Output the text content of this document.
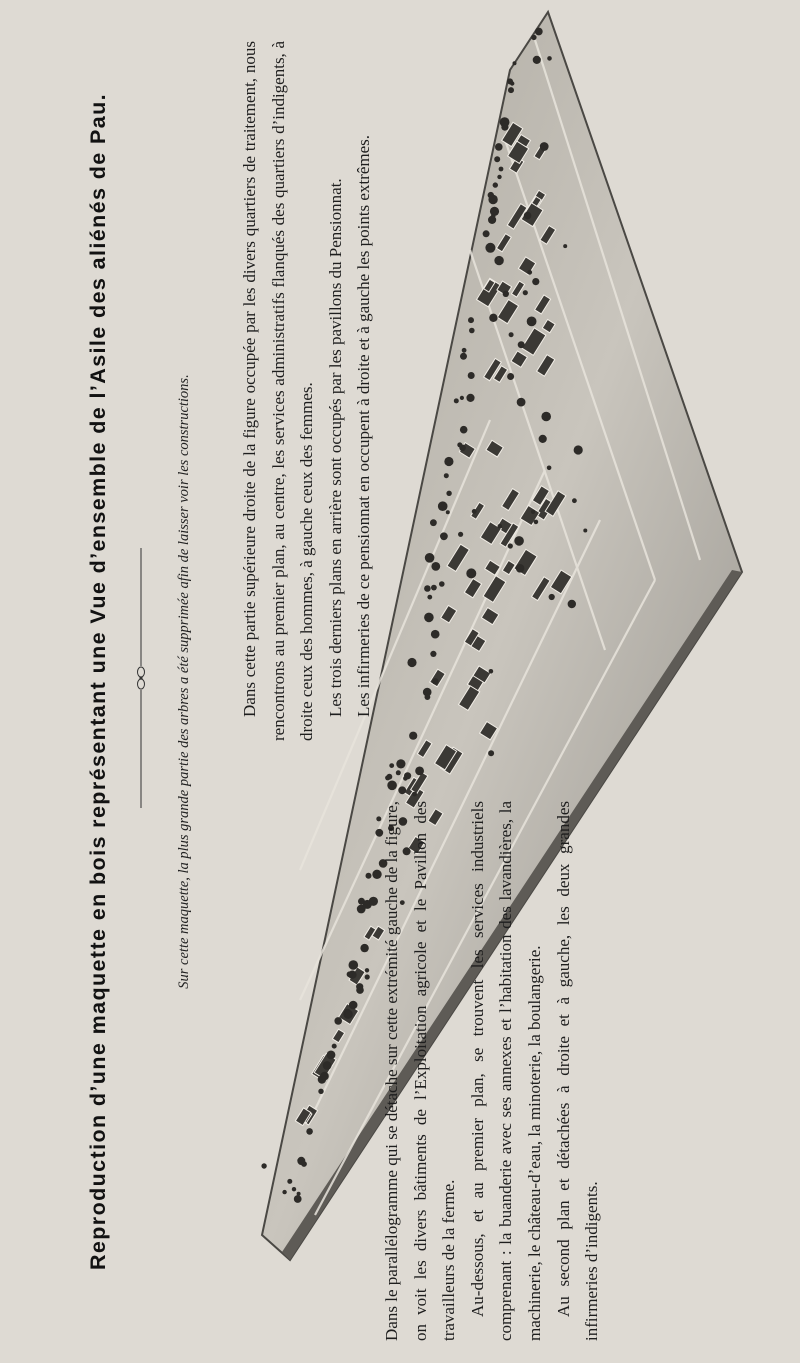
Reproduction d’une maquette en bois représentant une Vue d’ensemble de l’Asile des aliénés de Pau.	Sur cette maquette, la plus grande partie des arbres a été supprimée afin de laisser voir les constructions.	Dans cette partie supérieure droite de la figure occupée par les divers quartiers de traitement, nous rencontrons au premier plan, au centre, les services administratifs flanqués des quartiers d’indigents, à droite ceux des hommes, à gauche ceux des femmes. Les trois derniers plans en arrière sont occupés par les pavillons du Pensionnat. Les infirmeries de ce pensionnat en occupent à droite et à gauche les points extrêmes.

Dans le parallélogramme qui se détache sur cette extrémité gauche de la figure, on voit les divers bâtiments de l’Exploitation agricole et le Pavillon des travailleurs de la ferme. Au-dessous, et au premier plan, se trouvent les services industriels comprenant : la buanderie avec ses annexes et l’habitation des lavandières, la machinerie, le château-d’eau, la minoterie, la boulangerie. Au second plan et détachées à droite et à gauche, les deux grandes infirmeries d’indigents.
